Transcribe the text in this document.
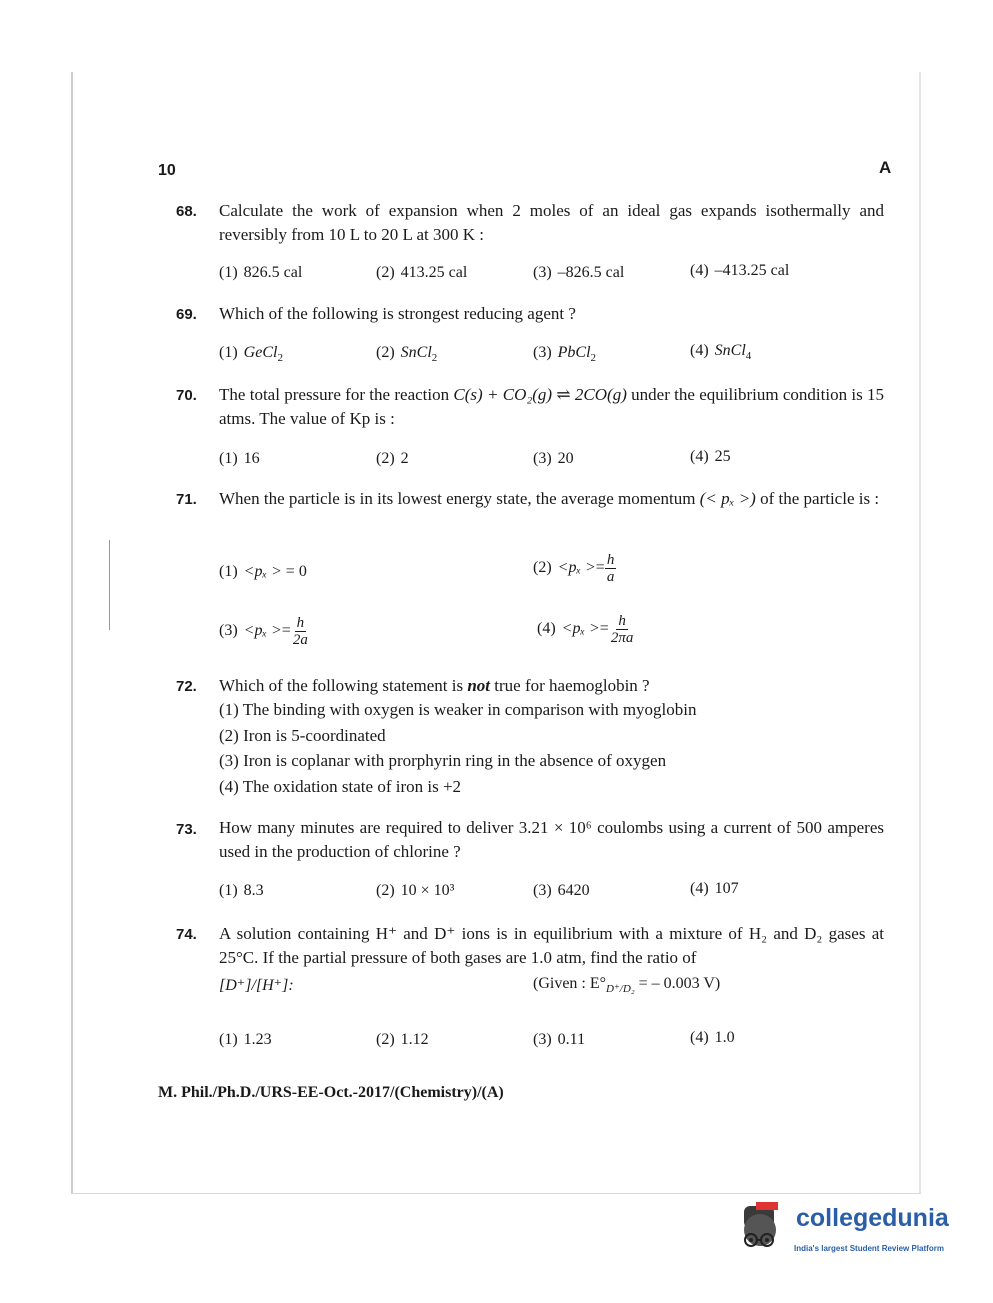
10	A
68. Calculate the work of expansion when 2 moles of an ideal gas expands isothermally and reversibly from 10 L to 20 L at 300 K :
(1) 826.5 cal	(2) 413.25 cal	(3) –826.5 cal	(4) –413.25 cal
69. Which of the following is strongest reducing agent ?
(1) GeCl$_2$	(2) SnCl$_2$	(3) PbCl$_2$	(4) SnCl$_4$
70. The total pressure for the reaction C(s) + CO₂(g) ⇌ 2CO(g) under the equilibrium condition is 15 atms. The value of Kp is :
(1) 16	(2) 2	(3) 20	(4) 25
71. When the particle is in its lowest energy state, the average momentum (< pₓ >) of the particle is :
(1) <pₓ > = 0	$(2) <p_x >= \frac{h}{a}$
$(3) <p_x >= \frac{h}{2a}$	$(4) <p_x >= \frac{h}{2\pi a}$
72. Which of the following statement is not true for haemoglobin ?
(1) The binding with oxygen is weaker in comparison with myoglobin
(2) Iron is 5-coordinated
(3) Iron is coplanar with prorphyrin ring in the absence of oxygen
(4) The oxidation state of iron is +2
73. How many minutes are required to deliver 3.21 × 10⁶ coulombs using a current of 500 amperes used in the production of chlorine ?
(1) 8.3	(2) 10 × 10³	(3) 6420	(4) 107
74. A solution containing H⁺ and D⁺ ions is in equilibrium with a mixture of H₂ and D₂ gases at 25°C. If the partial pressure of both gases are 1.0 atm, find the ratio of
[D⁺]/[H⁺]:	(Given : $E^\circ_{D^+/D_2}$ = – 0.003 V)
(1) 1.23	(2) 1.12	(3) 0.11	(4) 1.0
M. Phil./Ph.D./URS-EE-Oct.-2017/(Chemistry)/(A)
collegedunia
India's largest Student Review Platform
